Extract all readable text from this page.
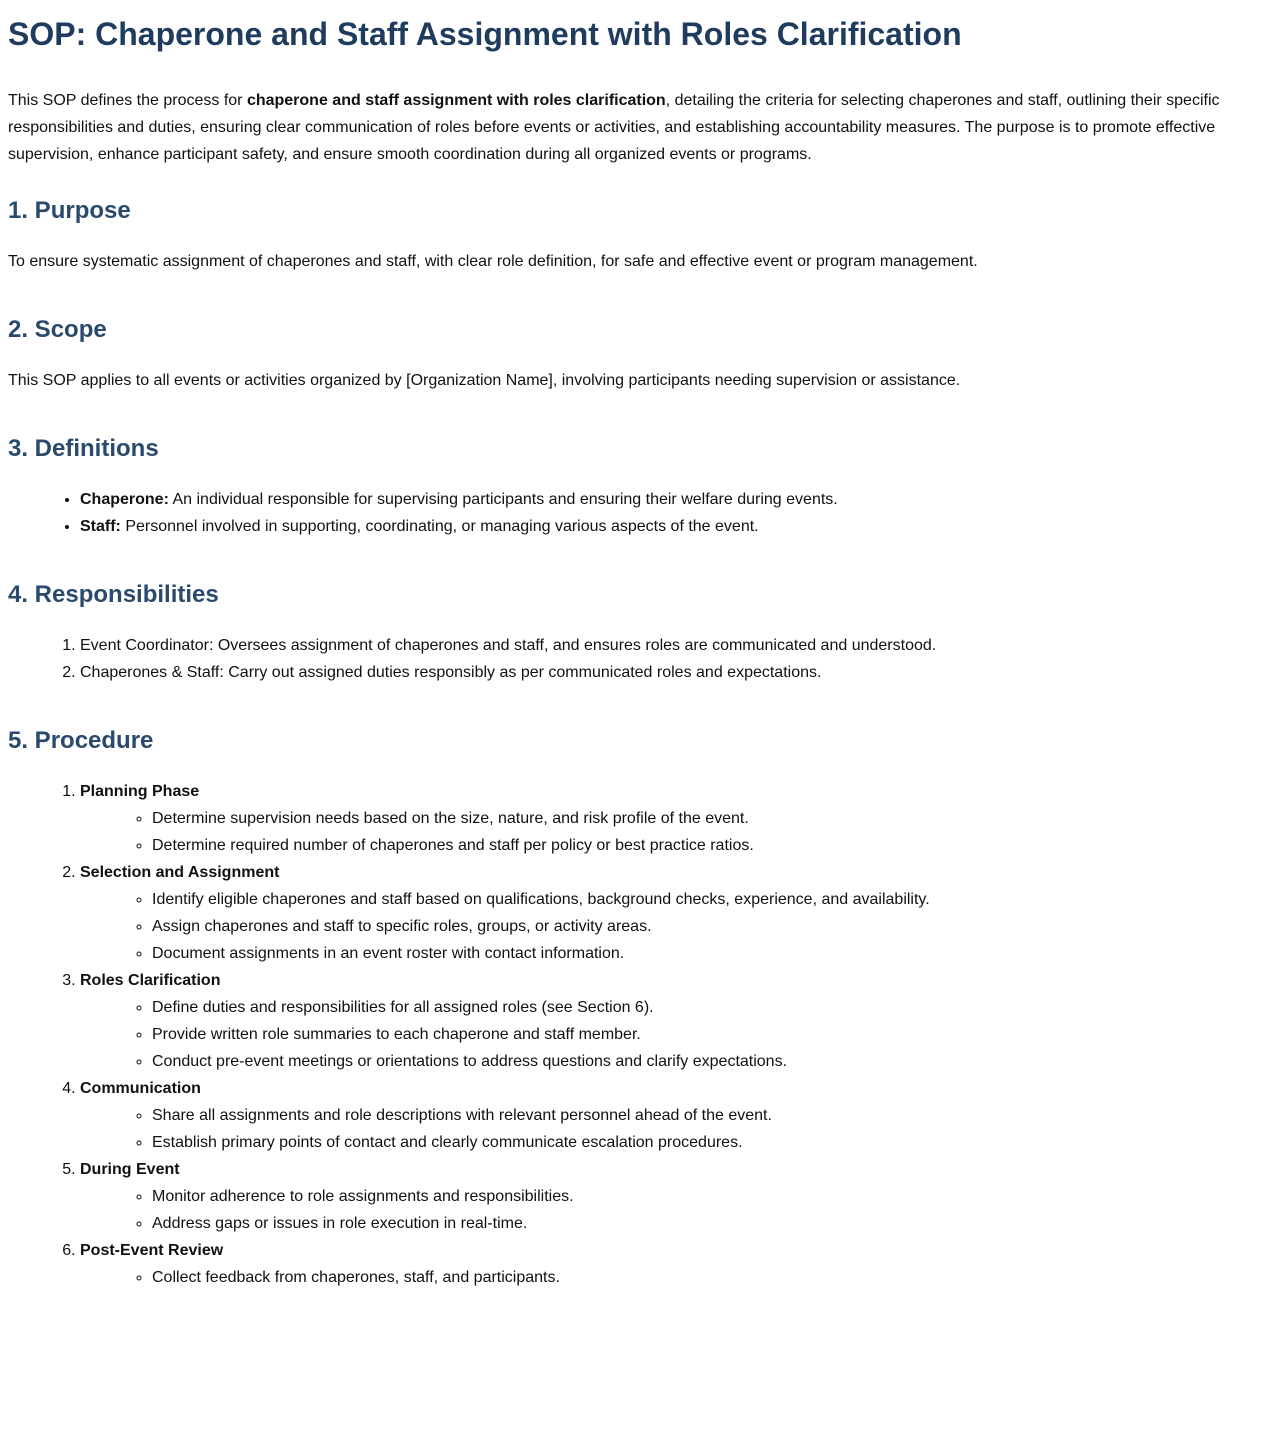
SOP: Chaperone and Staff Assignment with Roles Clarification

This SOP defines the process for chaperone and staff assignment with roles clarification, detailing the criteria for selecting chaperones and staff, outlining their specific responsibilities and duties, ensuring clear communication of roles before events or activities, and establishing accountability measures. The purpose is to promote effective supervision, enhance participant safety, and ensure smooth coordination during all organized events or programs.

1. Purpose

To ensure systematic assignment of chaperones and staff, with clear role definition, for safe and effective event or program management.

2. Scope

This SOP applies to all events or activities organized by [Organization Name], involving participants needing supervision or assistance.

3. Definitions
• Chaperone: An individual responsible for supervising participants and ensuring their welfare during events.
• Staff: Personnel involved in supporting, coordinating, or managing various aspects of the event.
4. Responsibilities
1. Event Coordinator: Oversees assignment of chaperones and staff, and ensures roles are communicated and understood.
2. Chaperones & Staff: Carry out assigned duties responsibly as per communicated roles and expectations.
5. Procedure
1. Planning Phase
◦ Determine supervision needs based on the size, nature, and risk profile of the event.
◦ Determine required number of chaperones and staff per policy or best practice ratios.
2. Selection and Assignment
◦ Identify eligible chaperones and staff based on qualifications, background checks, experience, and availability.
◦ Assign chaperones and staff to specific roles, groups, or activity areas.
◦ Document assignments in an event roster with contact information.
3. Roles Clarification
◦ Define duties and responsibilities for all assigned roles (see Section 6).
◦ Provide written role summaries to each chaperone and staff member.
◦ Conduct pre-event meetings or orientations to address questions and clarify expectations.
4. Communication
◦ Share all assignments and role descriptions with relevant personnel ahead of the event.
◦ Establish primary points of contact and clearly communicate escalation procedures.
5. During Event
◦ Monitor adherence to role assignments and responsibilities.
◦ Address gaps or issues in role execution in real-time.
6. Post-Event Review
◦ Collect feedback from chaperones, staff, and participants.
